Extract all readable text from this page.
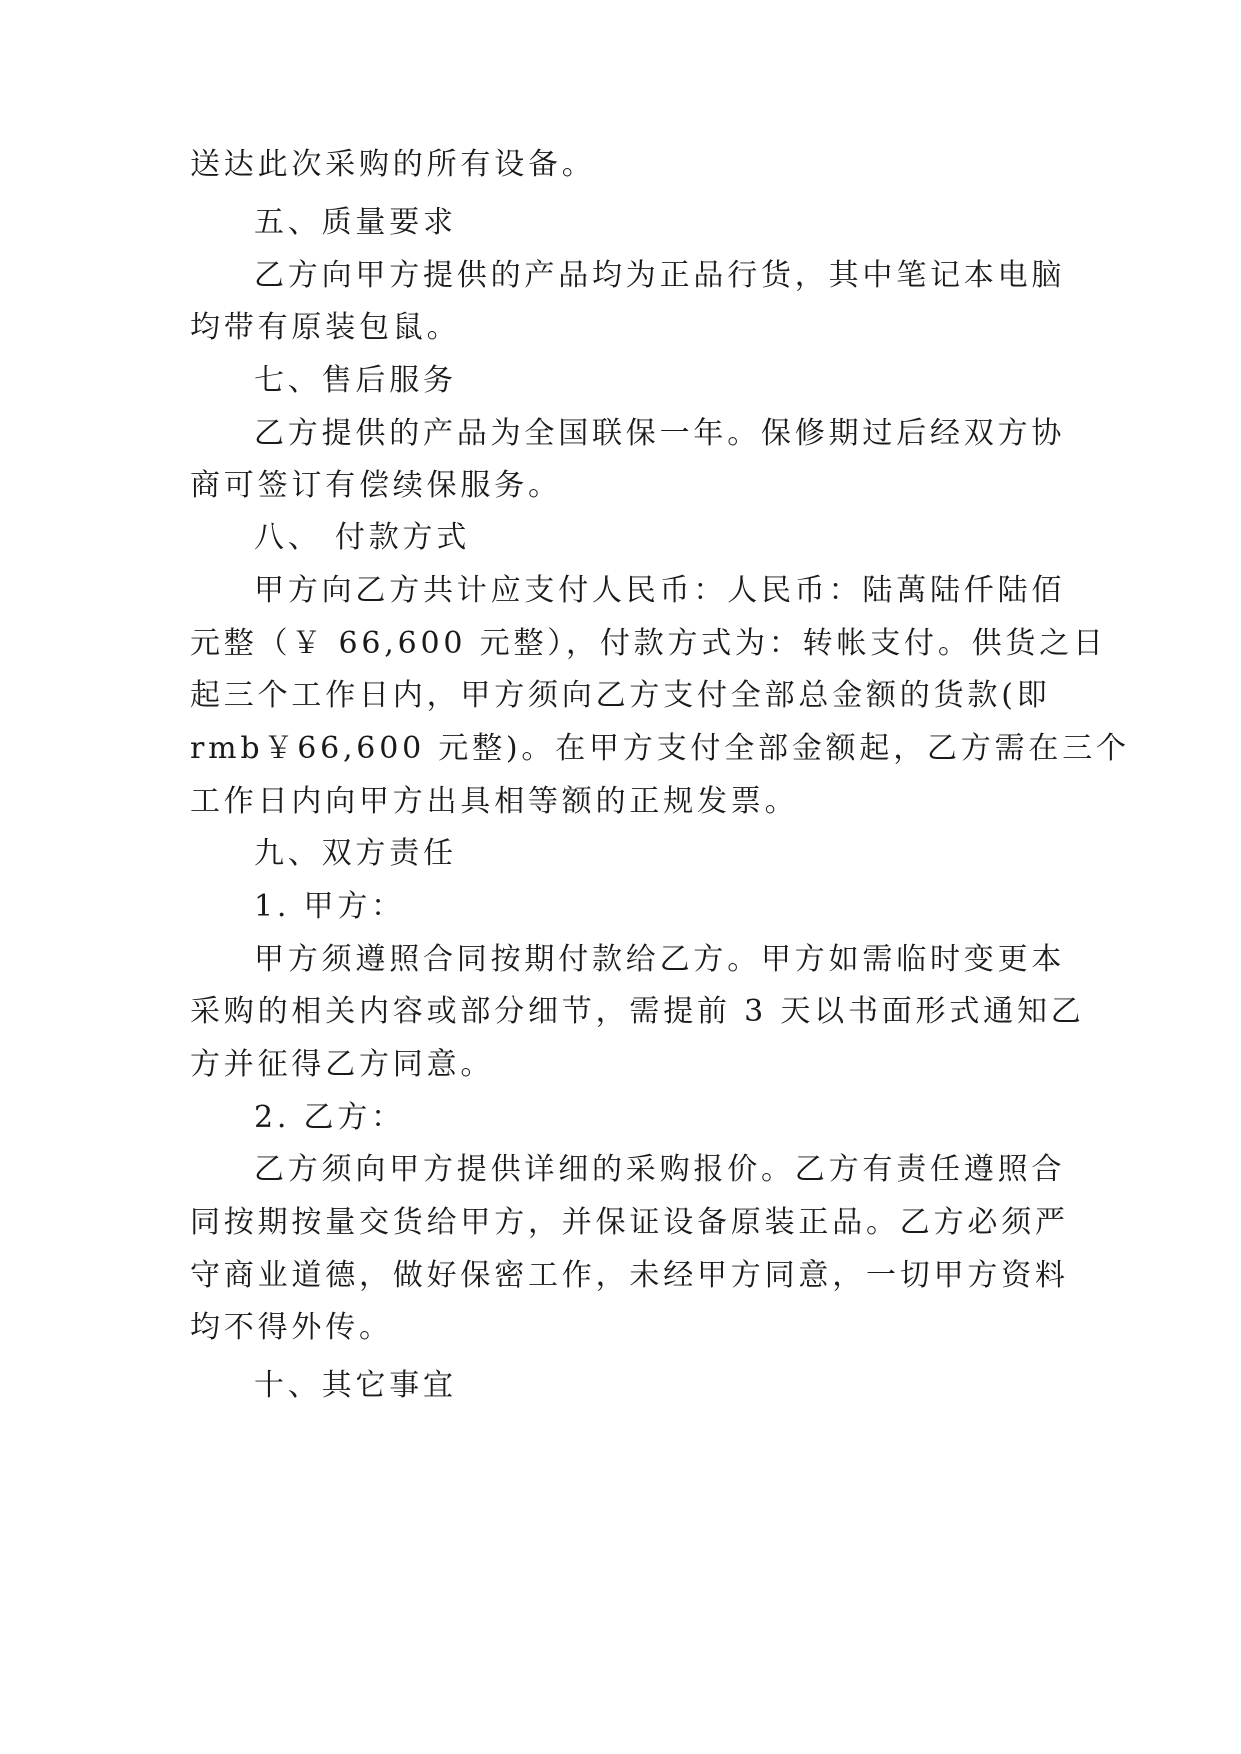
送达此次采购的所有设备。
五、质量要求
乙方向甲方提供的产品均为正品行货，其中笔记本电脑
均带有原装包鼠。
七、售后服务
乙方提供的产品为全国联保一年。保修期过后经双方协
商可签订有偿续保服务。
八、 付款方式
甲方向乙方共计应支付人民币：人民币：陆萬陆仟陆佰
元整（￥ 66,600 元整），付款方式为：转帐支付。供货之日
起三个工作日内，甲方须向乙方支付全部总金额的货款(即
rmb￥66,600 元整)。在甲方支付全部金额起，乙方需在三个
工作日内向甲方出具相等额的正规发票。
九、双方责任
1. 甲方：
甲方须遵照合同按期付款给乙方。甲方如需临时变更本
采购的相关内容或部分细节，需提前 3 天以书面形式通知乙
方并征得乙方同意。
2. 乙方：
乙方须向甲方提供详细的采购报价。乙方有责任遵照合
同按期按量交货给甲方，并保证设备原装正品。乙方必须严
守商业道德，做好保密工作，未经甲方同意，一切甲方资料
均不得外传。
十、其它事宜
